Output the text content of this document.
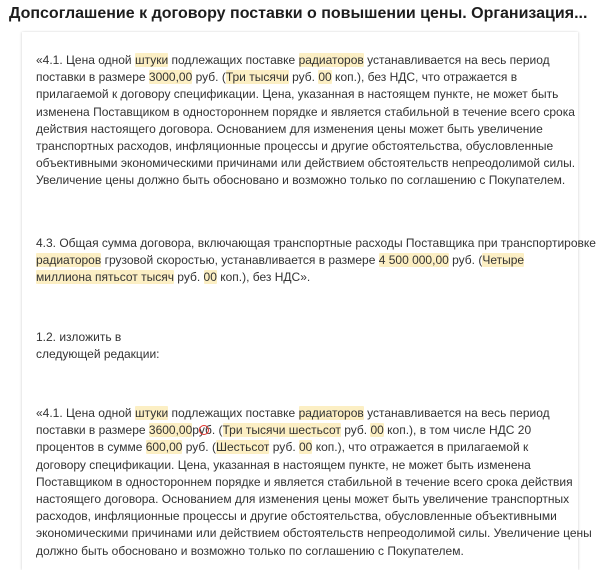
Допсоглашение к договору поставки о повышении цены. Организация...

«4.1. Цена одной штуки подлежащих поставке радиаторов устанавливается на весь период
поставки в размере 3000,00 руб. (Три тысячи руб. 00 коп.), без НДС, что отражается в
прилагаемой к договору спецификации. Цена, указанная в настоящем пункте, не может быть
изменена Поставщиком в одностороннем порядке и является стабильной в течение всего срока
действия настоящего договора. Основанием для изменения цены может быть увеличение
транспортных расходов, инфляционные процессы и другие обстоятельства, обусловленные
объективными экономическими причинами или действием обстоятельств непреодолимой силы.
Увеличение цены должно быть обосновано и возможно только по соглашению с Покупателем.

4.3. Общая сумма договора, включающая транспортные расходы Поставщика при транспортировке
радиаторов грузовой скоростью, устанавливается в размере 4 500 000,00 руб. (Четыре
миллиона пятьсот тысяч руб. 00 коп.), без НДС».

1.2. изложить в
следующей редакции:

«4.1. Цена одной штуки подлежащих поставке радиаторов устанавливается на весь период
поставки в размере 3600,00руб. (Три тысячи шестьсот руб. 00 коп.), в том числе НДС 20
процентов в сумме 600,00 руб. (Шестьсот руб. 00 коп.), что отражается в прилагаемой к
договору спецификации. Цена, указанная в настоящем пункте, не может быть изменена
Поставщиком в одностороннем порядке и является стабильной в течение всего срока действия
настоящего договора. Основанием для изменения цены может быть увеличение транспортных
расходов, инфляционные процессы и другие обстоятельства, обусловленные объективными
экономическими причинами или действием обстоятельств непреодолимой силы. Увеличение цены
должно быть обосновано и возможно только по соглашению с Покупателем.
